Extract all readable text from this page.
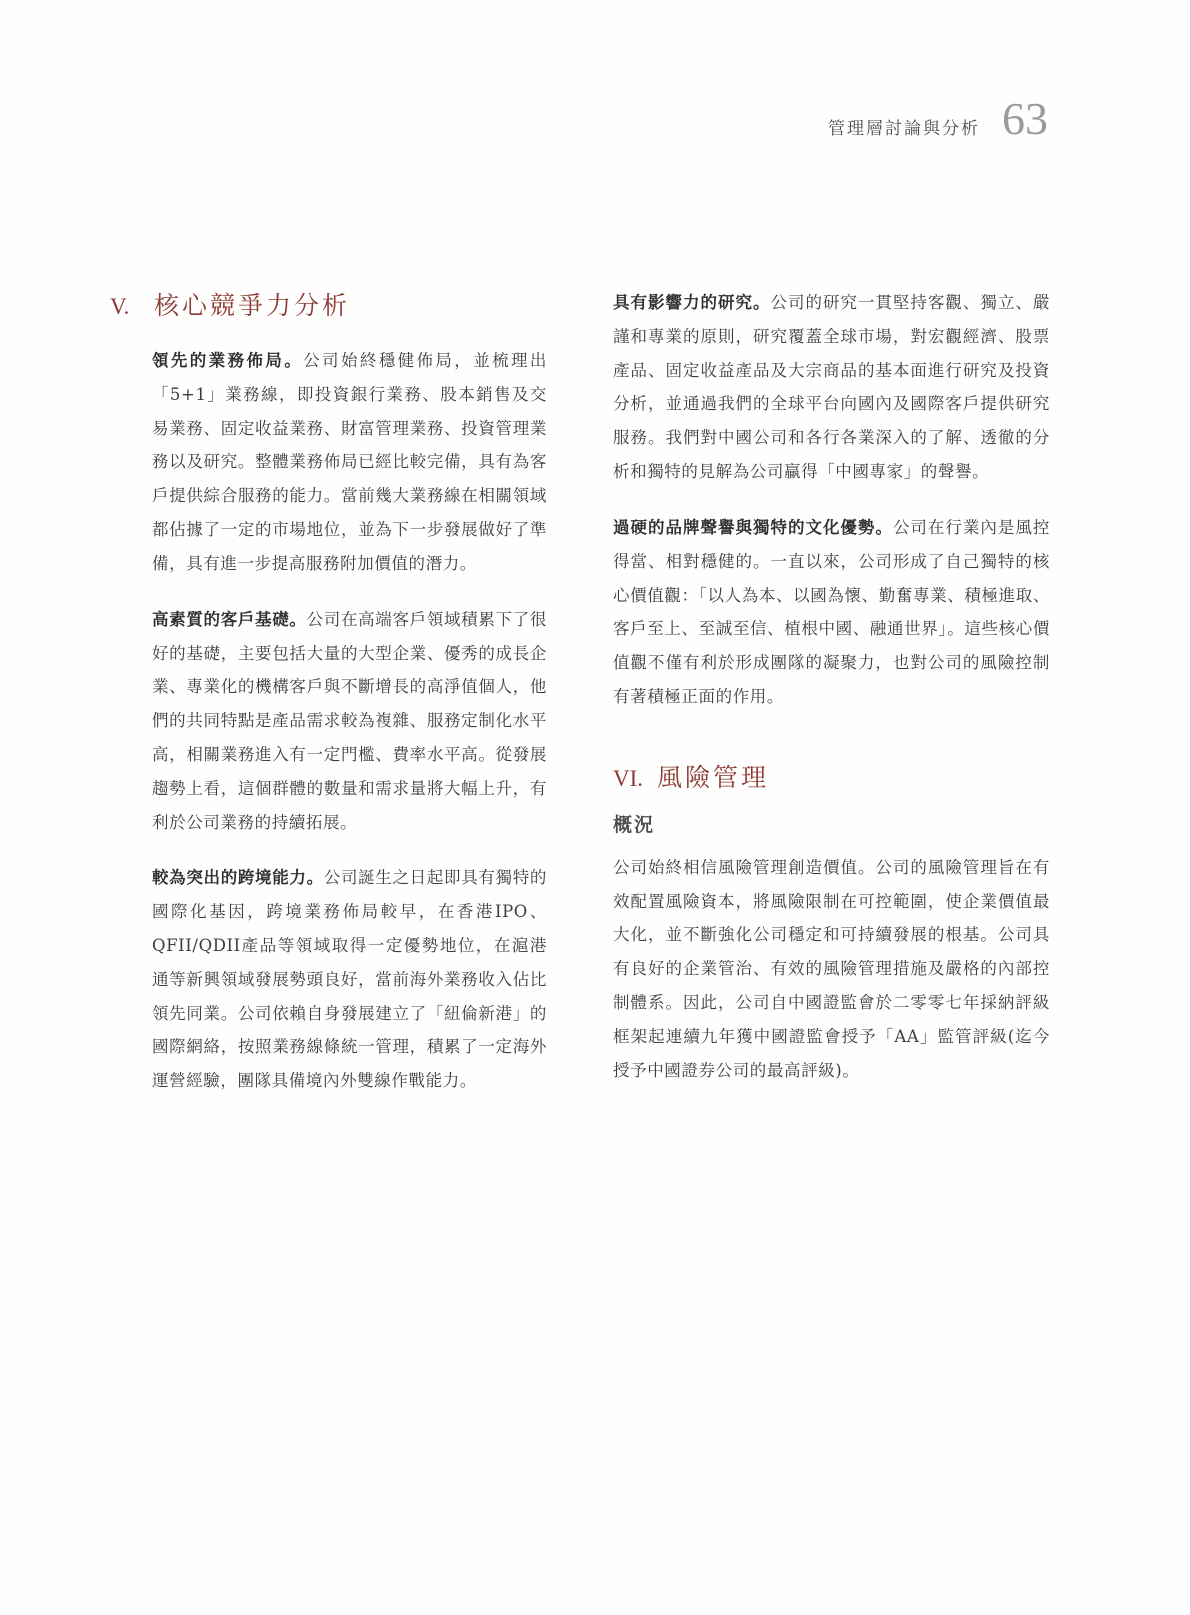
管理層討論與分析 63
V. 核心競爭力分析

領先的業務佈局。公司始終穩健佈局，並梳理出「5+1」業務線，即投資銀行業務、股本銷售及交易業務、固定收益業務、財富管理業務、投資管理業務以及研究。整體業務佈局已經比較完備，具有為客戶提供綜合服務的能力。當前幾大業務線在相關領域都佔據了一定的市場地位，並為下一步發展做好了準備，具有進一步提高服務附加價值的潛力。

高素質的客戶基礎。公司在高端客戶領域積累下了很好的基礎，主要包括大量的大型企業、優秀的成長企業、專業化的機構客戶與不斷增長的高淨值個人，他們的共同特點是產品需求較為複雜、服務定制化水平高，相關業務進入有一定門檻、費率水平高。從發展趨勢上看，這個群體的數量和需求量將大幅上升，有利於公司業務的持續拓展。

較為突出的跨境能力。公司誕生之日起即具有獨特的國際化基因，跨境業務佈局較早，在香港IPO、QFII/QDII產品等領域取得一定優勢地位，在滬港通等新興領域發展勢頭良好，當前海外業務收入佔比領先同業。公司依賴自身發展建立了「紐倫新港」的國際網絡，按照業務線條統一管理，積累了一定海外運營經驗，團隊具備境內外雙線作戰能力。

具有影響力的研究。公司的研究一貫堅持客觀、獨立、嚴謹和專業的原則，研究覆蓋全球市場，對宏觀經濟、股票產品、固定收益產品及大宗商品的基本面進行研究及投資分析，並通過我們的全球平台向國內及國際客戶提供研究服務。我們對中國公司和各行各業深入的了解、透徹的分析和獨特的見解為公司贏得「中國專家」的聲譽。

過硬的品牌聲譽與獨特的文化優勢。公司在行業內是風控得當、相對穩健的。一直以來，公司形成了自己獨特的核心價值觀：「以人為本、以國為懷、勤奮專業、積極進取、客戶至上、至誠至信、植根中國、融通世界」。這些核心價值觀不僅有利於形成團隊的凝聚力，也對公司的風險控制有著積極正面的作用。

VI. 風險管理
概況

公司始終相信風險管理創造價值。公司的風險管理旨在有效配置風險資本，將風險限制在可控範圍，使企業價值最大化，並不斷強化公司穩定和可持續發展的根基。公司具有良好的企業管治、有效的風險管理措施及嚴格的內部控制體系。因此，公司自中國證監會於二零零七年採納評級框架起連續九年獲中國證監會授予「AA」監管評級(迄今授予中國證券公司的最高評級)。
